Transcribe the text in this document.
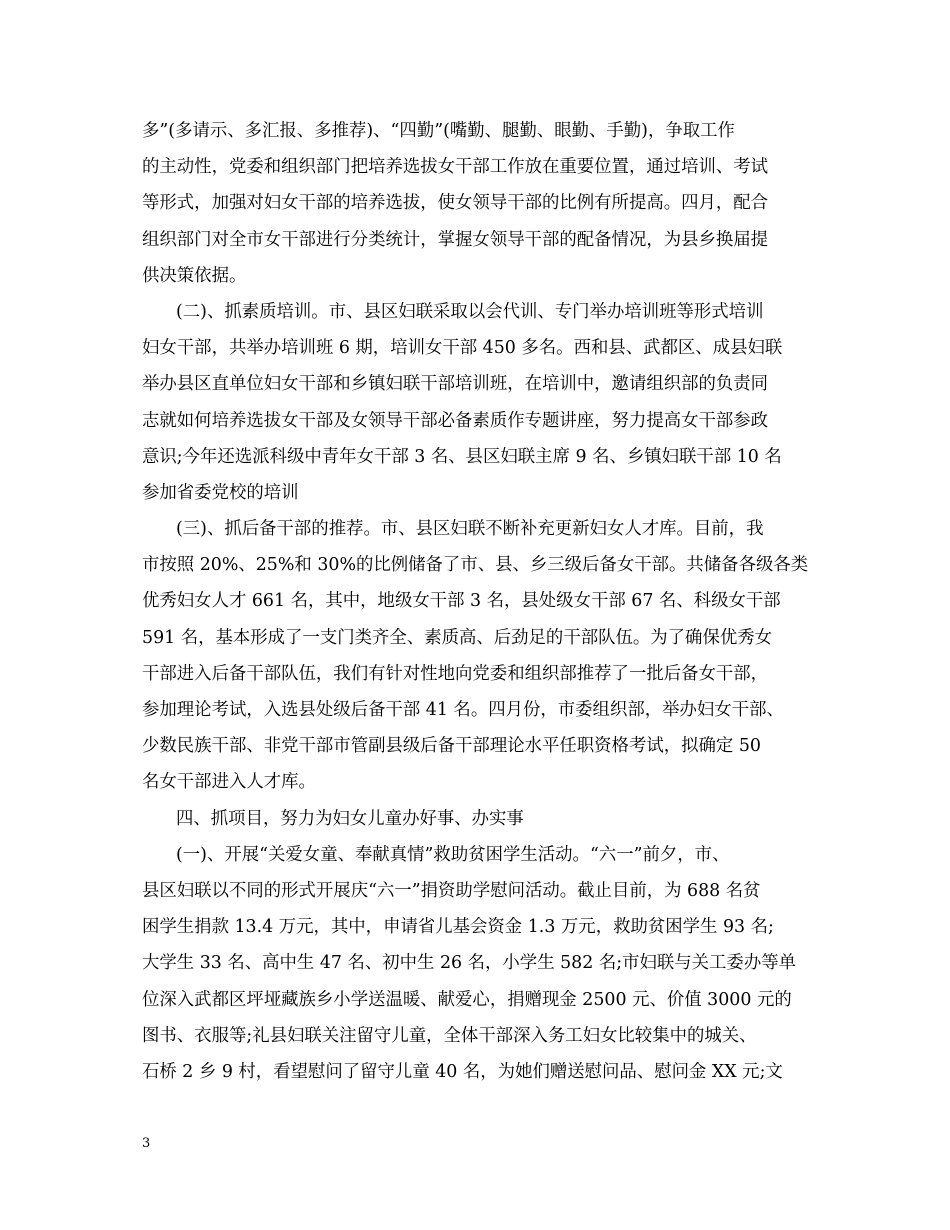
多”(多请示、多汇报、多推荐)、“四勤”(嘴勤、腿勤、眼勤、手勤)，争取工作
的主动性，党委和组织部门把培养选拔女干部工作放在重要位置，通过培训、考试
等形式，加强对妇女干部的培养选拔，使女领导干部的比例有所提高。四月，配合
组织部门对全市女干部进行分类统计，掌握女领导干部的配备情况，为县乡换届提
供决策依据。
(二)、抓素质培训。市、县区妇联采取以会代训、专门举办培训班等形式培训
妇女干部，共举办培训班 6 期，培训女干部 450 多名。西和县、武都区、成县妇联
举办县区直单位妇女干部和乡镇妇联干部培训班，在培训中，邀请组织部的负责同
志就如何培养选拔女干部及女领导干部必备素质作专题讲座，努力提高女干部参政
意识;今年还选派科级中青年女干部 3 名、县区妇联主席 9 名、乡镇妇联干部 10 名
参加省委党校的培训
(三)、抓后备干部的推荐。市、县区妇联不断补充更新妇女人才库。目前，我
市按照 20%、25%和 30%的比例储备了市、县、乡三级后备女干部。共储备各级各类
优秀妇女人才 661 名，其中，地级女干部 3 名，县处级女干部 67 名、科级女干部
591 名，基本形成了一支门类齐全、素质高、后劲足的干部队伍。为了确保优秀女
干部进入后备干部队伍，我们有针对性地向党委和组织部推荐了一批后备女干部，
参加理论考试，入选县处级后备干部 41 名。四月份，市委组织部，举办妇女干部、
少数民族干部、非党干部市管副县级后备干部理论水平任职资格考试，拟确定 50
名女干部进入人才库。
四、抓项目，努力为妇女儿童办好事、办实事
(一)、开展“关爱女童、奉献真情”救助贫困学生活动。“六一”前夕，市、
县区妇联以不同的形式开展庆“六一”捐资助学慰问活动。截止目前，为 688 名贫
困学生捐款 13.4 万元，其中，申请省儿基会资金 1.3 万元，救助贫困学生 93 名;
大学生 33 名、高中生 47 名、初中生 26 名，小学生 582 名;市妇联与关工委办等单
位深入武都区坪垭藏族乡小学送温暖、献爱心，捐赠现金 2500 元、价值 3000 元的
图书、衣服等;礼县妇联关注留守儿童，全体干部深入务工妇女比较集中的城关、
石桥 2 乡 9 村，看望慰问了留守儿童 40 名，为她们赠送慰问品、慰问金 XX 元;文
3
